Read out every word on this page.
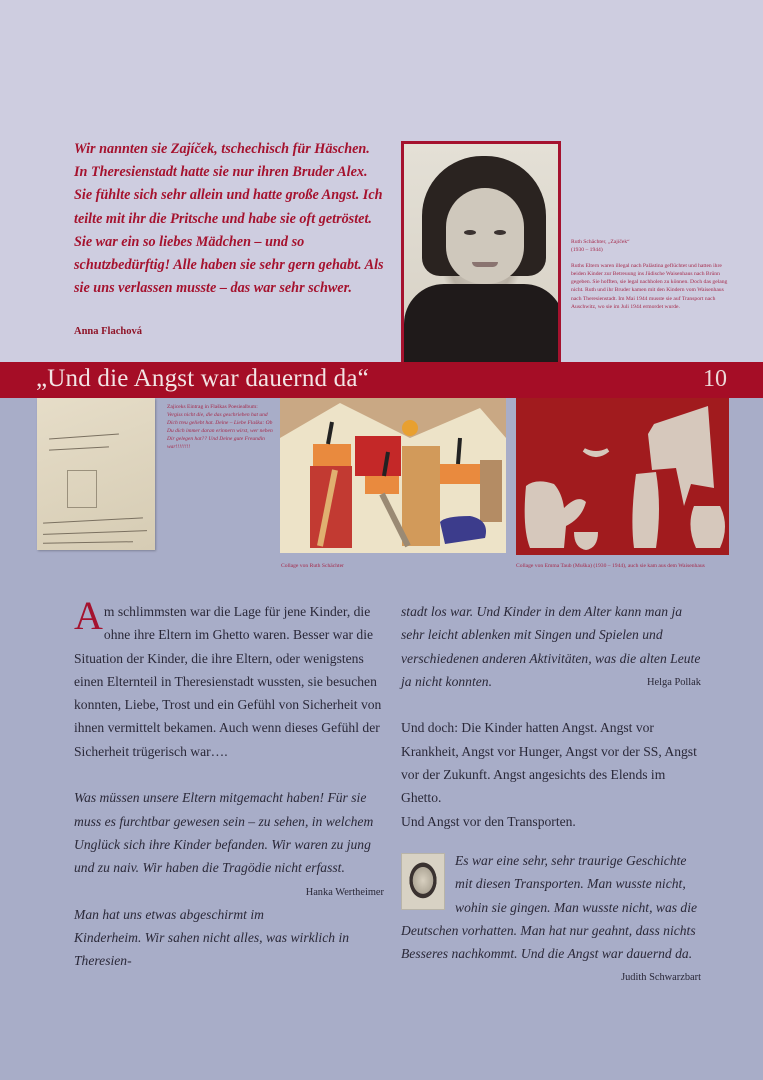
Wir nannten sie Zajíček, tschechisch für Häschen. In Theresienstadt hatte sie nur ihren Bruder Alex. Sie fühlte sich sehr allein und hatte große Angst. Ich teilte mit ihr die Pritsche und habe sie oft getröstet. Sie war ein so liebes Mädchen – und so schutzbedürftig! Alle haben sie sehr gern gehabt. Als sie uns verlassen musste – das war sehr schwer.

Anna Flachová

Ruth Schächter, „Zajíček“
(1930 – 1944)
Ruths Eltern waren illegal nach Palästina geflüchtet und hatten ihre beiden Kinder zur Betreuung ins Jüdische Waisenhaus nach Brünn gegeben. Sie hofften, sie legal nachholen zu können. Doch das gelang nicht. Ruth und ihr Bruder kamen mit den Kindern vom Waisenhaus nach Theresienstadt. Im Mai 1944 musste sie auf Transport nach Auschwitz, wo sie im Juli 1944 ermordet wurde.
„Und die Angst war dauernd da“	10
Zajiceks Eintrag in Flaškas Poesiealbum:
Vergiss nicht die, die das geschrieben hat und Dich treu geliebt hat. Deine – Liebe Flaška: Ob Du dich immer daran erinnern wirst, wer neben Dir gelegen hat?? Und Deine gute Freundin war!!!!!!!!
Collage von Ruth Schächter	Collage von Emma Taub (Muška) (1930 – 1944), auch sie kam aus dem Waisenhaus

Am schlimmsten war die Lage für jene Kinder, die ohne ihre Eltern im Ghetto waren. Besser war die Situation der Kinder, die ihre Eltern, oder wenigstens einen Elternteil in Theresienstadt wussten, sie besuchen konnten, Liebe, Trost und ein Gefühl von Sicherheit von ihnen vermittelt bekamen. Auch wenn dieses Gefühl der Sicherheit trügerisch war….

Was müssen unsere Eltern mitgemacht haben! Für sie muss es furchtbar gewesen sein – zu sehen, in welchem Unglück sich ihre Kinder befanden. Wir waren zu jung und zu naiv. Wir haben die Tragödie nicht erfasst.
Hanka Wertheimer

Man hat uns etwas abgeschirmt im Kinderheim. Wir sahen nicht alles, was wirklich in Theresien-

stadt los war. Und Kinder in dem Alter kann man ja sehr leicht ablenken mit Singen und Spielen und verschiedenen anderen Aktivitäten, was die alten Leute ja nicht konnten.	Helga Pollak

Und doch: Die Kinder hatten Angst. Angst vor Krankheit, Angst vor Hunger, Angst vor der SS, Angst vor der Zukunft. Angst angesichts des Elends im Ghetto.

Und Angst vor den Transporten.

Es war eine sehr, sehr traurige Geschichte mit diesen Transporten. Man wusste nicht, wohin sie gingen. Man wusste nicht, was die Deutschen vorhatten. Man hat nur geahnt, dass nichts Besseres nachkommt. Und die Angst war dauernd da.
Judith Schwarzbart
